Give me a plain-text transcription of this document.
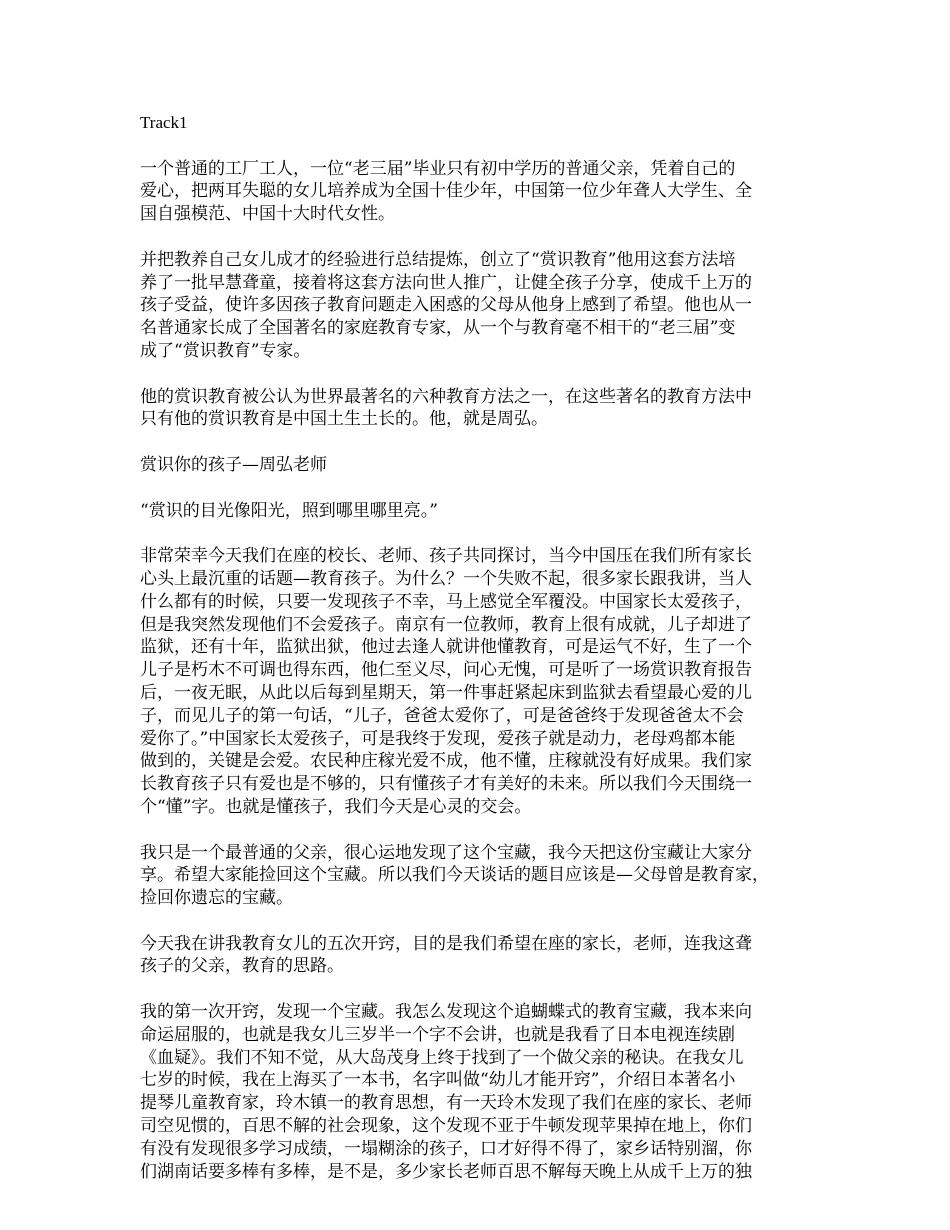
Track1

一个普通的工厂工人，一位“老三届”毕业只有初中学历的普通父亲，凭着自己的
爱心，把两耳失聪的女儿培养成为全国十佳少年，中国第一位少年聋人大学生、全
国自强模范、中国十大时代女性。

并把教养自己女儿成才的经验进行总结提炼，创立了“赏识教育”他用这套方法培
养了一批早慧聋童，接着将这套方法向世人推广，让健全孩子分享，使成千上万的
孩子受益，使许多因孩子教育问题走入困惑的父母从他身上感到了希望。他也从一
名普通家长成了全国著名的家庭教育专家，从一个与教育毫不相干的“老三届”变
成了“赏识教育”专家。

他的赏识教育被公认为世界最著名的六种教育方法之一，在这些著名的教育方法中
只有他的赏识教育是中国土生土长的。他，就是周弘。

赏识你的孩子—周弘老师

“赏识的目光像阳光，照到哪里哪里亮。”

非常荣幸今天我们在座的校长、老师、孩子共同探讨，当今中国压在我们所有家长
心头上最沉重的话题—教育孩子。为什么？一个失败不起，很多家长跟我讲，当人
什么都有的时候，只要一发现孩子不幸，马上感觉全军覆没。中国家长太爱孩子，
但是我突然发现他们不会爱孩子。南京有一位教师，教育上很有成就，儿子却进了
监狱，还有十年，监狱出狱，他过去逢人就讲他懂教育，可是运气不好，生了一个
儿子是朽木不可调也得东西，他仁至义尽，问心无愧，可是听了一场赏识教育报告
后，一夜无眠，从此以后每到星期天，第一件事赶紧起床到监狱去看望最心爱的儿
子，而见儿子的第一句话，“儿子，爸爸太爱你了，可是爸爸终于发现爸爸太不会
爱你了。”中国家长太爱孩子，可是我终于发现，爱孩子就是动力，老母鸡都本能
做到的，关键是会爱。农民种庄稼光爱不成，他不懂，庄稼就没有好成果。我们家
长教育孩子只有爱也是不够的，只有懂孩子才有美好的未来。所以我们今天围绕一
个“懂”字。也就是懂孩子，我们今天是心灵的交会。

我只是一个最普通的父亲，很心运地发现了这个宝藏，我今天把这份宝藏让大家分
享。希望大家能捡回这个宝藏。所以我们今天谈话的题目应该是—父母曾是教育家，
捡回你遗忘的宝藏。

今天我在讲我教育女儿的五次开窍，目的是我们希望在座的家长，老师，连我这聋
孩子的父亲，教育的思路。

我的第一次开窍，发现一个宝藏。我怎么发现这个追蝴蝶式的教育宝藏，我本来向
命运屈服的，也就是我女儿三岁半一个字不会讲，也就是我看了日本电视连续剧
《血疑》。我们不知不觉，从大岛茂身上终于找到了一个做父亲的秘诀。在我女儿
七岁的时候，我在上海买了一本书，名字叫做“幼儿才能开窍”，介绍日本著名小
提琴儿童教育家，玲木镇一的教育思想，有一天玲木发现了我们在座的家长、老师
司空见惯的，百思不解的社会现象，这个发现不亚于牛顿发现苹果掉在地上，你们
有没有发现很多学习成绩，一塌糊涂的孩子，口才好得不得了，家乡话特别溜，你
们湖南话要多棒有多棒，是不是，多少家长老师百思不解每天晚上从成千上万的独
